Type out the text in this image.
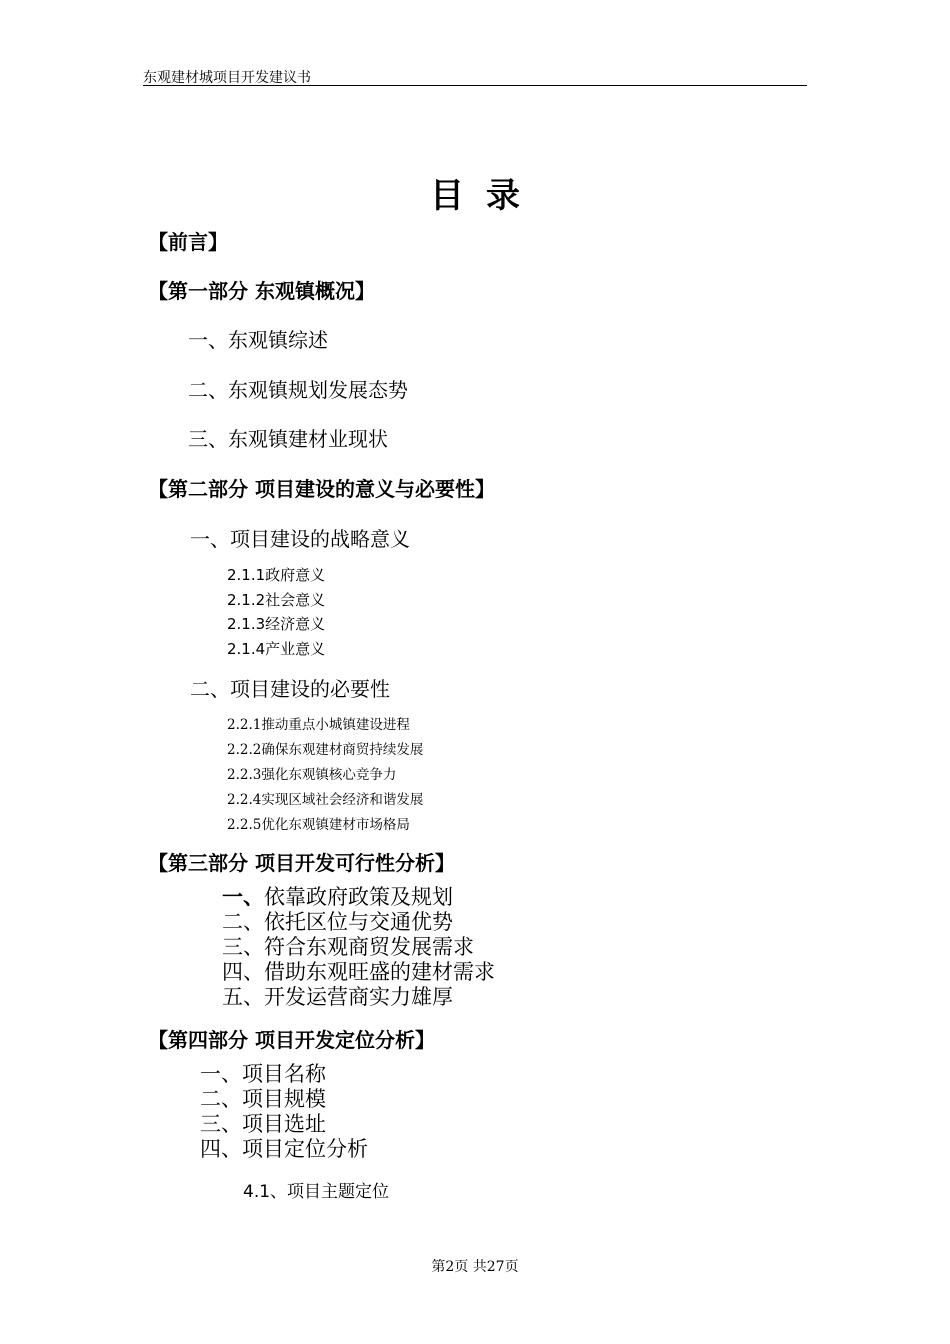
东观建材城项目开发建议书
目录
【前言】
【第一部分 东观镇概况】
一、东观镇综述
二、东观镇规划发展态势
三、东观镇建材业现状
【第二部分 项目建设的意义与必要性】
一、项目建设的战略意义
2.1.1政府意义
2.1.2社会意义
2.1.3经济意义
2.1.4产业意义
二、项目建设的必要性
2.2.1推动重点小城镇建设进程
2.2.2确保东观建材商贸持续发展
2.2.3强化东观镇核心竞争力
2.2.4实现区域社会经济和谐发展
2.2.5优化东观镇建材市场格局
【第三部分 项目开发可行性分析】
一、依靠政府政策及规划
二、依托区位与交通优势
三、符合东观商贸发展需求
四、借助东观旺盛的建材需求
五、开发运营商实力雄厚
【第四部分 项目开发定位分析】
一、项目名称
二、项目规模
三、项目选址
四、项目定位分析
4.1、项目主题定位
第2页 共27页
